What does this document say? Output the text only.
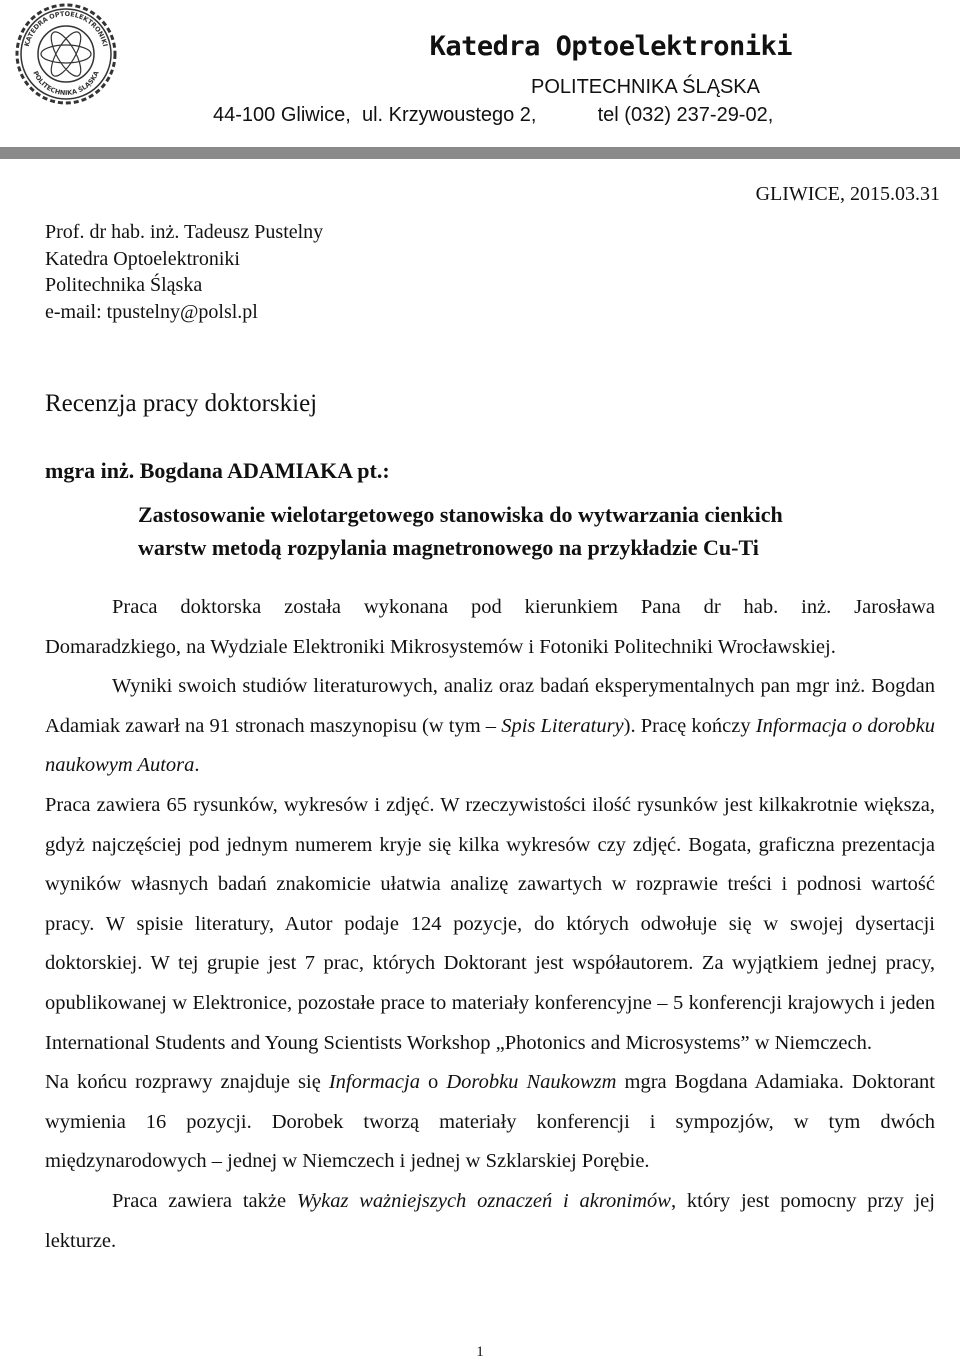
KATEDRA OPTOELEKTRONIKI
POLITECHNIKA ŚLĄSKA
Katedra Optoelektroniki
POLITECHNIKA ŚLĄSKA
44-100 Gliwice,  ul. Krzywoustego 2,           tel (032) 237-29-02,
GLIWICE, 2015.03.31
Prof. dr hab. inż. Tadeusz Pustelny
Katedra Optoelektroniki
Politechnika Śląska
e-mail: tpustelny@polsl.pl
Recenzja pracy doktorskiej
mgra inż. Bogdana ADAMIAKA pt.:
Zastosowanie wielotargetowego stanowiska do wytwarzania cienkich
warstw metodą rozpylania magnetronowego na przykładzie Cu-Ti

Praca doktorska została wykonana pod kierunkiem Pana dr hab. inż. Jarosława

Domaradzkiego, na Wydziale Elektroniki Mikrosystemów i Fotoniki Politechniki Wrocławskiej.

Wyniki swoich studiów literaturowych, analiz oraz badań eksperymentalnych pan mgr inż. Bogdan Adamiak zawarł na 91 stronach maszynopisu (w tym – Spis Literatury). Pracę kończy Informacja o dorobku naukowym Autora.

Praca zawiera 65 rysunków, wykresów i zdjęć. W rzeczywistości ilość rysunków jest kilkakrotnie większa, gdyż najczęściej pod jednym numerem kryje się kilka wykresów czy zdjęć. Bogata, graficzna prezentacja wyników własnych badań znakomicie ułatwia analizę zawartych w rozprawie treści i podnosi wartość pracy. W spisie literatury, Autor podaje 124 pozycje, do których odwołuje się w swojej dysertacji doktorskiej. W tej grupie jest 7 prac, których Doktorant jest współautorem. Za wyjątkiem jednej pracy, opublikowanej w Elektronice, pozostałe prace to materiały konferencyjne – 5 konferencji krajowych i jeden International Students and Young Scientists Workshop „Photonics and Microsystems” w Niemczech.

Na końcu rozprawy znajduje się Informacja o Dorobku Naukowzm mgra Bogdana Adamiaka. Doktorant wymienia 16 pozycji. Dorobek tworzą materiały konferencji i sympozjów, w tym dwóch międzynarodowych – jednej w Niemczech i jednej w Szklarskiej Porębie.

Praca zawiera także Wykaz ważniejszych oznaczeń i akronimów, który jest pomocny przy jej lekturze.

1
